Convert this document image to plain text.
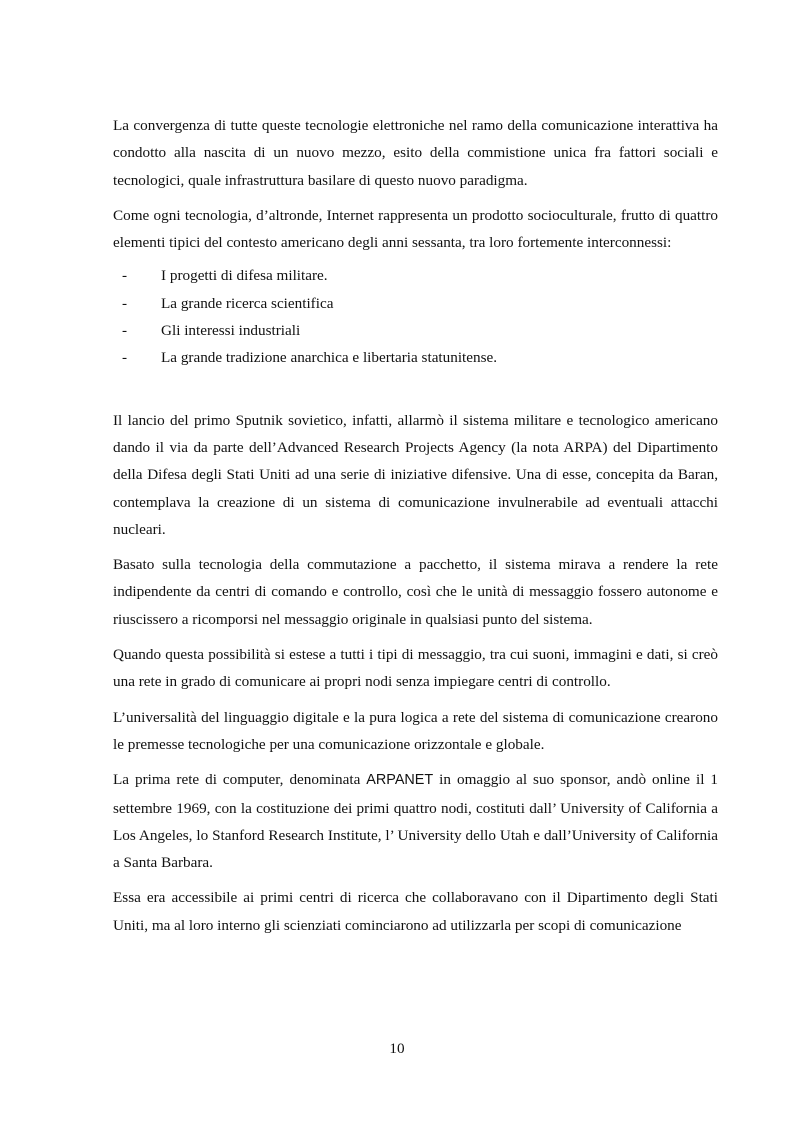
La convergenza di tutte queste tecnologie elettroniche nel ramo della comunicazione interattiva ha condotto alla nascita di un nuovo mezzo, esito della commistione unica fra fattori sociali e tecnologici, quale infrastruttura basilare di questo nuovo paradigma.

Come ogni tecnologia, d’altronde, Internet rappresenta un prodotto socioculturale, frutto di quattro elementi tipici del contesto americano degli anni sessanta, tra loro fortemente interconnessi:

- I progetti di difesa militare.
- La grande ricerca scientifica
- Gli interessi industriali
- La grande tradizione anarchica e libertaria statunitense.

Il lancio del primo Sputnik sovietico, infatti, allarmò il sistema militare e tecnologico americano dando il via da parte dell’Advanced Research Projects Agency (la nota ARPA) del Dipartimento della Difesa degli Stati Uniti ad una serie di iniziative difensive. Una di esse, concepita da Baran, contemplava la creazione di un sistema di comunicazione invulnerabile ad eventuali attacchi nucleari.

Basato sulla tecnologia della commutazione a pacchetto, il sistema mirava a rendere la rete indipendente da centri di comando e controllo, così che le unità di messaggio fossero autonome e riuscissero a ricomporsi nel messaggio originale in qualsiasi punto del sistema.

Quando questa possibilità si estese a tutti i tipi di messaggio, tra cui suoni, immagini e dati, si creò una rete in grado di comunicare ai propri nodi senza impiegare centri di controllo.

L’universalità del linguaggio digitale e la pura logica a rete del sistema di comunicazione crearono le premesse tecnologiche per una comunicazione orizzontale e globale.

La prima rete di computer, denominata ARPANET in omaggio al suo sponsor, andò online il 1 settembre 1969, con la costituzione dei primi quattro nodi, costituti dall’ University of California a Los Angeles, lo Stanford Research Institute, l’ University dello Utah e dall’University of California a Santa Barbara.

Essa era accessibile ai primi centri di ricerca che collaboravano con il Dipartimento degli Stati Uniti, ma al loro interno gli scienziati cominciarono ad utilizzarla per scopi di comunicazione

10
